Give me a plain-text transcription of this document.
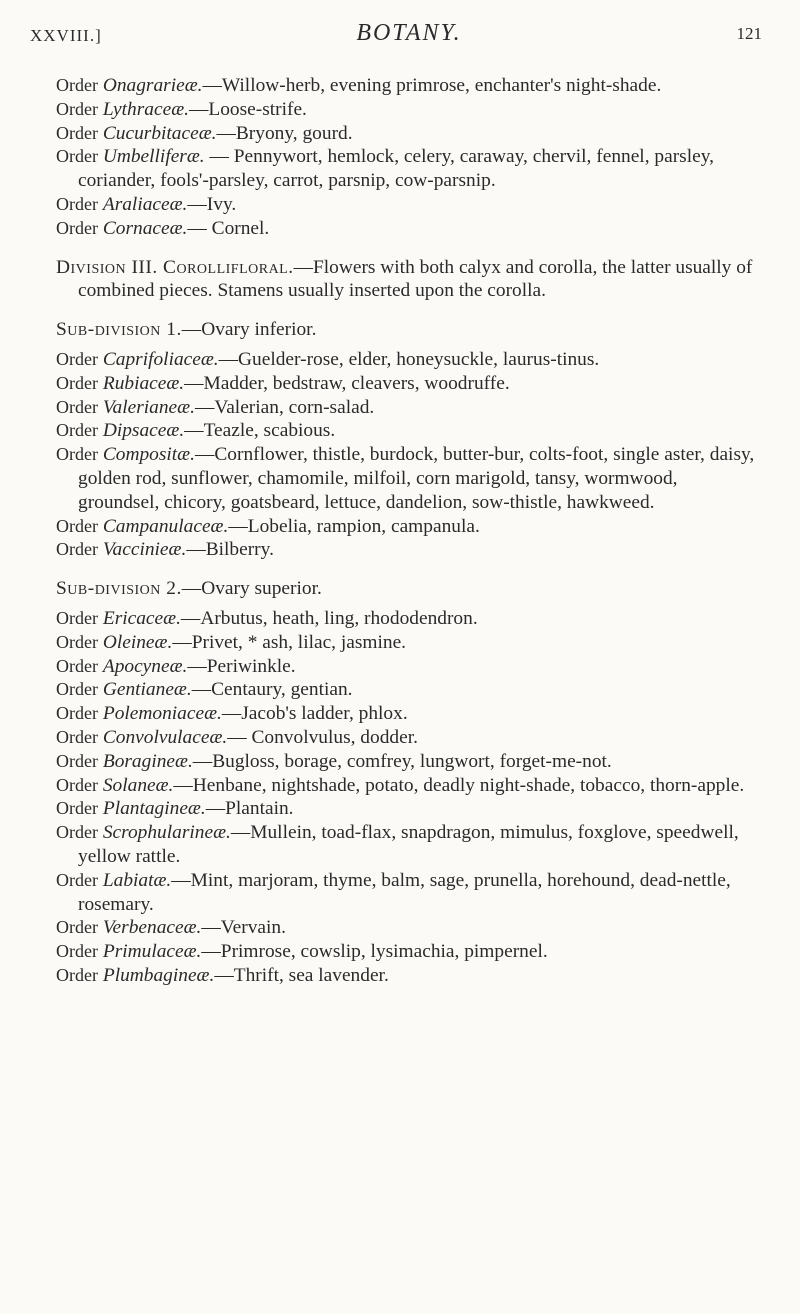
XXVIII.]	BOTANY.	121

Order Onagrarieæ.—Willow-herb, evening primrose, enchanter's night-shade.

Order Lythraceæ.—Loose-strife.

Order Cucurbitaceæ.—Bryony, gourd.

Order Umbelliferæ. — Pennywort, hemlock, celery, caraway, chervil, fennel, parsley, coriander, fools'-parsley, carrot, parsnip, cow-parsnip.

Order Araliaceæ.—Ivy.

Order Cornaceæ.— Cornel.

Division III. Corollifloral.—Flowers with both calyx and corolla, the latter usually of combined pieces. Stamens usually inserted upon the corolla.

Sub-division 1.—Ovary inferior.

Order Caprifoliaceæ.—Guelder-rose, elder, honeysuckle, laurus-tinus.

Order Rubiaceæ.—Madder, bedstraw, cleavers, woodruffe.

Order Valerianeæ.—Valerian, corn-salad.

Order Dipsaceæ.—Teazle, scabious.

Order Compositæ.—Cornflower, thistle, burdock, butter-bur, colts-foot, single aster, daisy, golden rod, sunflower, chamomile, milfoil, corn marigold, tansy, wormwood, groundsel, chicory, goatsbeard, lettuce, dandelion, sow-thistle, hawkweed.

Order Campanulaceæ.—Lobelia, rampion, campanula.

Order Vaccinieæ.—Bilberry.

Sub-division 2.—Ovary superior.

Order Ericaceæ.—Arbutus, heath, ling, rhododendron.

Order Oleineæ.—Privet, * ash, lilac, jasmine.

Order Apocyneæ.—Periwinkle.

Order Gentianeæ.—Centaury, gentian.

Order Polemoniaceæ.—Jacob's ladder, phlox.

Order Convolvulaceæ.— Convolvulus, dodder.

Order Boragineæ.—Bugloss, borage, comfrey, lungwort, forget-me-not.

Order Solaneæ.—Henbane, nightshade, potato, deadly night-shade, tobacco, thorn-apple.

Order Plantagineæ.—Plantain.

Order Scrophularineæ.—Mullein, toad-flax, snapdragon, mimulus, foxglove, speedwell, yellow rattle.

Order Labiatæ.—Mint, marjoram, thyme, balm, sage, prunella, horehound, dead-nettle, rosemary.

Order Verbenaceæ.—Vervain.

Order Primulaceæ.—Primrose, cowslip, lysimachia, pimpernel.

Order Plumbagineæ.—Thrift, sea lavender.
